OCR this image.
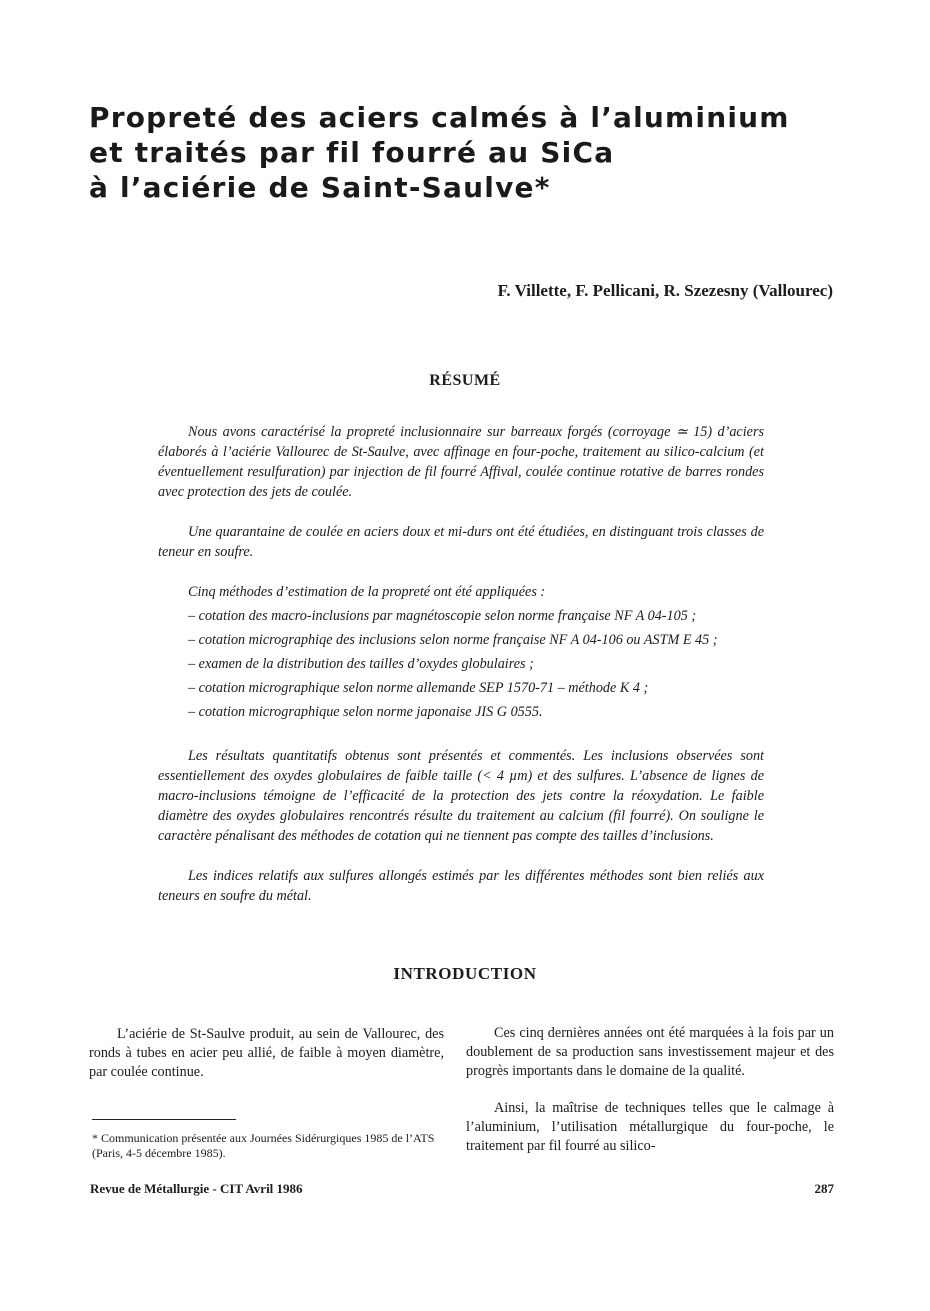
Propreté des aciers calmés à l’aluminium
et traités par fil fourré au SiCa
à l’aciérie de Saint-Saulve*
F. Villette, F. Pellicani, R. Szezesny (Vallourec)
RÉSUMÉ

Nous avons caractérisé la propreté inclusionnaire sur barreaux forgés (corroyage ≃ 15) d’aciers élaborés à l’aciérie Vallourec de St-Saulve, avec affinage en four-poche, traitement au silico-calcium (et éventuellement resulfuration) par injection de fil fourré Affival, coulée continue rotative de barres rondes avec protection des jets de coulée.

Une quarantaine de coulée en aciers doux et mi-durs ont été étudiées, en distinguant trois classes de teneur en soufre.

Cinq méthodes d’estimation de la propreté ont été appliquées :

– cotation des macro-inclusions par magnétoscopie selon norme française NF A 04-105 ;

– cotation micrographiqe des inclusions selon norme française NF A 04-106 ou ASTM E 45 ;

– examen de la distribution des tailles d’oxydes globulaires ;

– cotation micrographique selon norme allemande SEP 1570-71 – méthode K 4 ;

– cotation micrographique selon norme japonaise JIS G 0555.

Les résultats quantitatifs obtenus sont présentés et commentés. Les inclusions observées sont essentiellement des oxydes globulaires de faible taille (< 4 µm) et des sulfures. L’absence de lignes de macro-inclusions témoigne de l’efficacité de la protection des jets contre la réoxydation. Le faible diamètre des oxydes globulaires rencontrés résulte du traitement au calcium (fil fourré). On souligne le caractère pénalisant des méthodes de cotation qui ne tiennent pas compte des tailles d’inclusions.

Les indices relatifs aux sulfures allongés estimés par les différentes méthodes sont bien reliés aux teneurs en soufre du métal.

INTRODUCTION

L’aciérie de St-Saulve produit, au sein de Vallourec, des ronds à tubes en acier peu allié, de faible à moyen diamètre, par coulée continue.

Ces cinq dernières années ont été marquées à la fois par un doublement de sa production sans investissement majeur et des progrès importants dans le domaine de la qualité.

Ainsi, la maîtrise de techniques telles que le calmage à l’aluminium, l’utilisation métallurgique du four-poche, le traitement par fil fourré au silico-

* Communication présentée aux Journées Sidérurgiques 1985 de l’ATS (Paris, 4-5 décembre 1985).
Revue de Métallurgie - CIT Avril 1986	287
